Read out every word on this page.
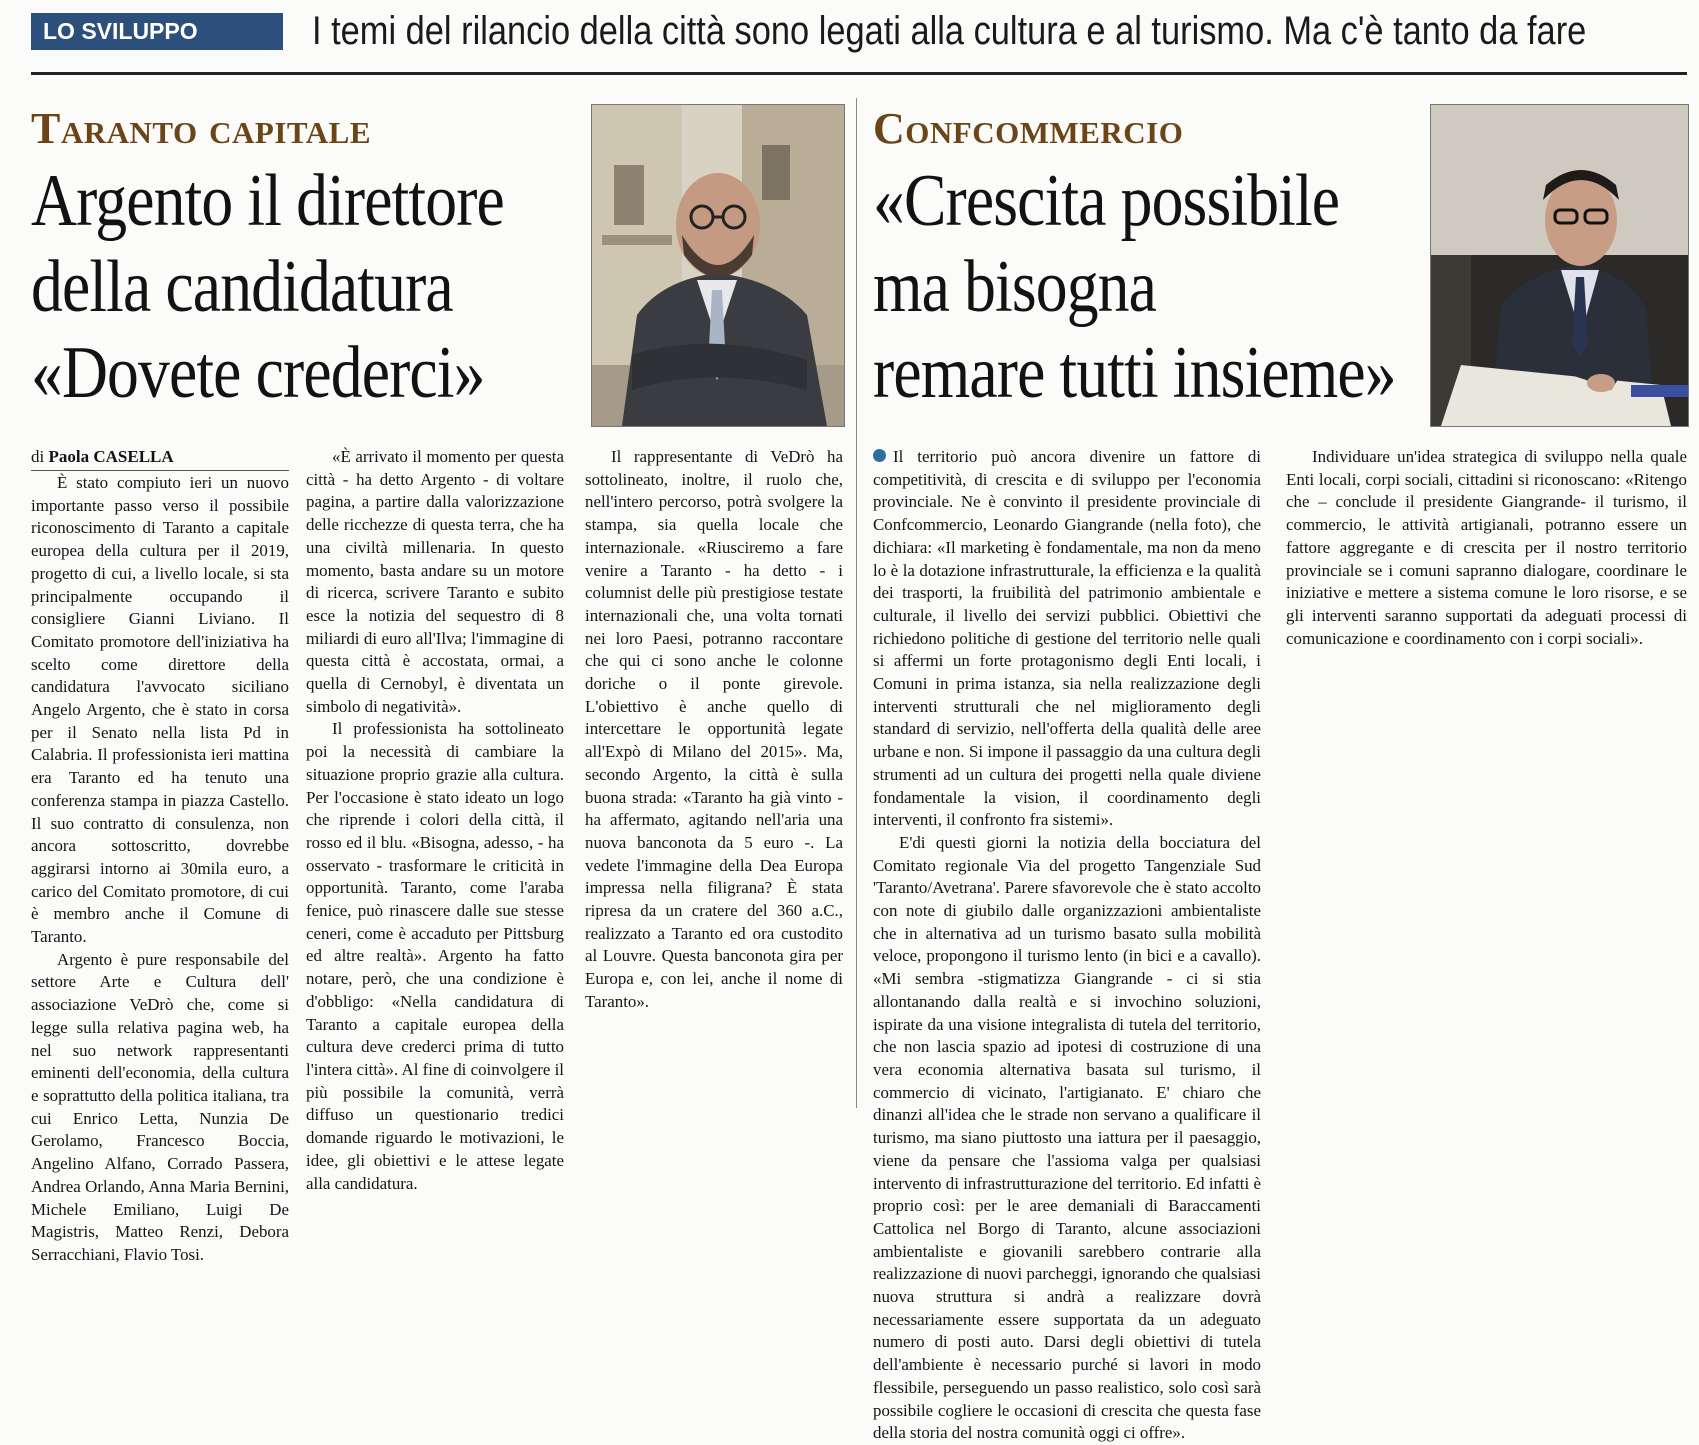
LO SVILUPPO	I temi del rilancio della città sono legati alla cultura e al turismo. Ma c'è tanto da fare
Taranto capitale
Argento il direttore
della candidatura
«Dovete crederci»
di Paola CASELLA

È stato compiuto ieri un nuovo importante passo verso il possibile riconoscimento di Taranto a capitale europea della cultura per il 2019, progetto di cui, a livello locale, si sta principalmente occupando il consigliere Gianni Liviano. Il Comitato promotore dell'iniziativa ha scelto come direttore della candidatura l'avvocato siciliano Angelo Argento, che è stato in corsa per il Senato nella lista Pd in Calabria. Il professionista ieri mattina era Taranto ed ha tenuto una conferenza stampa in piazza Castello. Il suo contratto di consulenza, non ancora sottoscritto, dovrebbe aggirarsi intorno ai 30mila euro, a carico del Comitato promotore, di cui è membro anche il Comune di Taranto.

Argento è pure responsabile del settore Arte e Cultura dell' associazione VeDrò che, come si legge sulla relativa pagina web, ha nel suo network rappresentanti eminenti dell'economia, della cultura e soprattutto della politica italiana, tra cui Enrico Letta, Nunzia De Gerolamo, Francesco Boccia, Angelino Alfano, Corrado Passera, Andrea Orlando, Anna Maria Bernini, Michele Emiliano, Luigi De Magistris, Matteo Renzi, Debora Serracchiani, Flavio Tosi.

«È arrivato il momento per questa città - ha detto Argento - di voltare pagina, a partire dalla valorizzazione delle ricchezze di questa terra, che ha una civiltà millenaria. In questo momento, basta andare su un motore di ricerca, scrivere Taranto e subito esce la notizia del sequestro di 8 miliardi di euro all'Ilva; l'immagine di questa città è accostata, ormai, a quella di Cernobyl, è diventata un simbolo di negatività».

Il professionista ha sottolineato poi la necessità di cambiare la situazione proprio grazie alla cultura. Per l'occasione è stato ideato un logo che riprende i colori della città, il rosso ed il blu. «Bisogna, adesso, - ha osservato - trasformare le criticità in opportunità. Taranto, come l'araba fenice, può rinascere dalle sue stesse ceneri, come è accaduto per Pittsburg ed altre realtà». Argento ha fatto notare, però, che una condizione è d'obbligo: «Nella candidatura di Taranto a capitale europea della cultura deve crederci prima di tutto l'intera città». Al fine di coinvolgere il più possibile la comunità, verrà diffuso un questionario tredici domande riguardo le motivazioni, le idee, gli obiettivi e le attese legate alla candidatura.

Il rappresentante di VeDrò ha sottolineato, inoltre, il ruolo che, nell'intero percorso, potrà svolgere la stampa, sia quella locale che internazionale. «Riusciremo a fare venire a Taranto - ha detto - i columnist delle più prestigiose testate internazionali che, una volta tornati nei loro Paesi, potranno raccontare che qui ci sono anche le colonne doriche o il ponte girevole. L'obiettivo è anche quello di intercettare le opportunità legate all'Expò di Milano del 2015». Ma, secondo Argento, la città è sulla buona strada: «Taranto ha già vinto - ha affermato, agitando nell'aria una nuova banconota da 5 euro -. La vedete l'immagine della Dea Europa impressa nella filigrana? È stata ripresa da un cratere del 360 a.C., realizzato a Taranto ed ora custodito al Louvre. Questa banconota gira per Europa e, con lei, anche il nome di Taranto».

Confcommercio
«Crescita possibile
ma bisogna
remare tutti insieme»

Il territorio può ancora divenire un fattore di competitività, di crescita e di sviluppo per l'economia provinciale. Ne è convinto il presidente provinciale di Confcommercio, Leonardo Giangrande (nella foto), che dichiara: «Il marketing è fondamentale, ma non da meno lo è la dotazione infrastrutturale, la efficienza e la qualità dei trasporti, la fruibilità del patrimonio ambientale e culturale, il livello dei servizi pubblici. Obiettivi che richiedono politiche di gestione del territorio nelle quali si affermi un forte protagonismo degli Enti locali, i Comuni in prima istanza, sia nella realizzazione degli interventi strutturali che nel miglioramento degli standard di servizio, nell'offerta della qualità delle aree urbane e non. Si impone il passaggio da una cultura degli strumenti ad un cultura dei progetti nella quale diviene fondamentale la vision, il coordinamento degli interventi, il confronto fra sistemi».

E'di questi giorni la notizia della bocciatura del Comitato regionale Via del progetto Tangenziale Sud 'Taranto/Avetrana'. Parere sfavorevole che è stato accolto con note di giubilo dalle organizzazioni ambientaliste che in alternativa ad un turismo basato sulla mobilità veloce, propongono il turismo lento (in bici e a cavallo). «Mi sembra -stigmatizza Giangrande - ci si stia allontanando dalla realtà e si invochino soluzioni, ispirate da una visione integralista di tutela del territorio, che non lascia spazio ad ipotesi di costruzione di una vera economia alternativa basata sul turismo, il commercio di vicinato, l'artigianato. E' chiaro che dinanzi all'idea che le strade non servano a qualificare il turismo, ma siano piuttosto una iattura per il paesaggio, viene da pensare che l'assioma valga per qualsiasi intervento di infrastrutturazione del territorio. Ed infatti è proprio così: per le aree demaniali di Baraccamenti Cattolica nel Borgo di Taranto, alcune associazioni ambientaliste e giovanili sarebbero contrarie alla realizzazione di nuovi parcheggi, ignorando che qualsiasi nuova struttura si andrà a realizzare dovrà necessariamente essere supportata da un adeguato numero di posti auto. Darsi degli obiettivi di tutela dell'ambiente è necessario purché si lavori in modo flessibile, perseguendo un passo realistico, solo così sarà possibile cogliere le occasioni di crescita che questa fase della storia del nostra comunità oggi ci offre».

Individuare un'idea strategica di sviluppo nella quale Enti locali, corpi sociali, cittadini si riconoscano: «Ritengo che – conclude il presidente Giangrande- il turismo, il commercio, le attività artigianali, potranno essere un fattore aggregante e di crescita per il nostro territorio provinciale se i comuni sapranno dialogare, coordinare le iniziative e mettere a sistema comune le loro risorse, e se gli interventi saranno supportati da adeguati processi di comunicazione e coordinamento con i corpi sociali».
